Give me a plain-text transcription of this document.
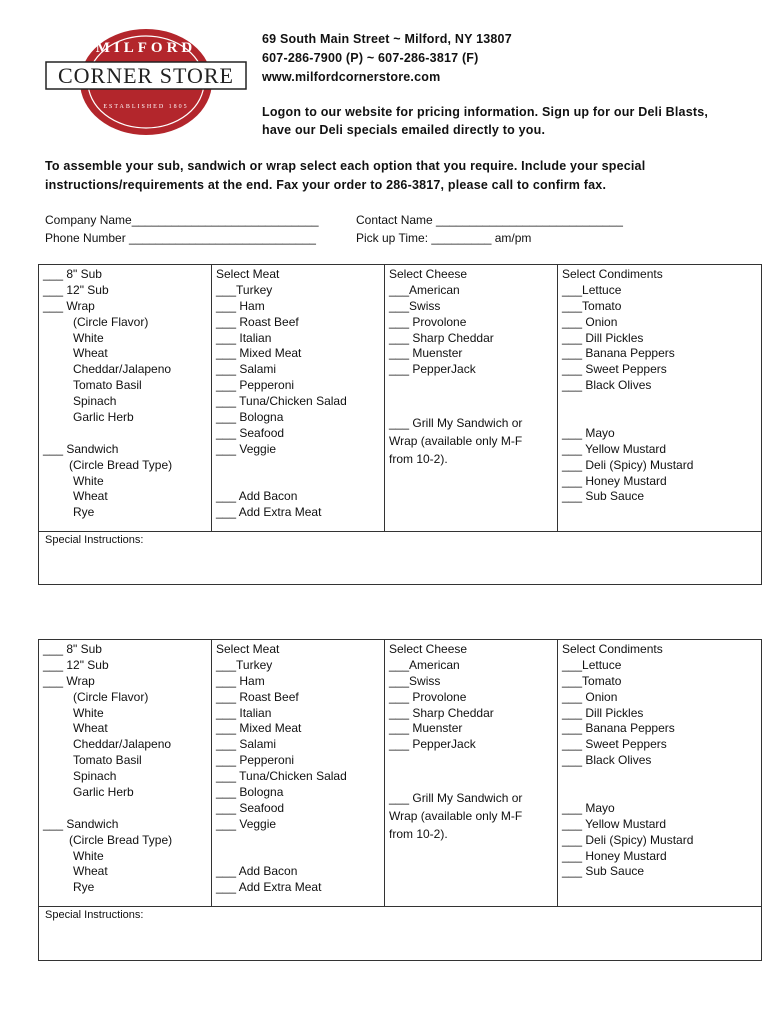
MILFORD
CORNER STORE
ESTABLISHED 1805
69 South Main Street ~ Milford, NY 13807
607-286-7900 (P) ~ 607-286-3817 (F)
www.milfordcornerstore.com
Logon to our website for pricing information. Sign up for our Deli Blasts,
have our Deli specials emailed directly to you.
To assemble your sub, sandwich or wrap select each option that you require. Include your special
instructions/requirements at the end. Fax your order to 286-3817, please call to confirm fax.
Company Name____________________________	Contact Name ____________________________
Phone Number ____________________________	Pick up Time: _________ am/pm
___ 8" Sub
___ 12" Sub
___ Wrap
(Circle Flavor)
White
Wheat
Cheddar/Jalapeno
Tomato Basil
Spinach
Garlic Herb
___ Sandwich
(Circle Bread Type)
White
Wheat
Rye
Select Meat
___Turkey
___ Ham
___ Roast Beef
___ Italian
___ Mixed Meat
___ Salami
___ Pepperoni
___ Tuna/Chicken Salad
___ Bologna
___ Seafood
___ Veggie
___ Add Bacon
___ Add Extra Meat
Select Cheese
___American
___Swiss
___ Provolone
___ Sharp Cheddar
___ Muenster
___ PepperJack
___ Grill My Sandwich or
Wrap (available only M-F
from 10-2).
Select Condiments
___Lettuce
___Tomato
___ Onion
___ Dill Pickles
___ Banana Peppers
___ Sweet Peppers
___ Black Olives
___ Mayo
___ Yellow Mustard
___ Deli (Spicy) Mustard
___ Honey Mustard
___ Sub Sauce
Special Instructions:
___ 8" Sub
___ 12" Sub
___ Wrap
(Circle Flavor)
White
Wheat
Cheddar/Jalapeno
Tomato Basil
Spinach
Garlic Herb
___ Sandwich
(Circle Bread Type)
White
Wheat
Rye
Select Meat
___Turkey
___ Ham
___ Roast Beef
___ Italian
___ Mixed Meat
___ Salami
___ Pepperoni
___ Tuna/Chicken Salad
___ Bologna
___ Seafood
___ Veggie
___ Add Bacon
___ Add Extra Meat
Select Cheese
___American
___Swiss
___ Provolone
___ Sharp Cheddar
___ Muenster
___ PepperJack
___ Grill My Sandwich or
Wrap (available only M-F
from 10-2).
Select Condiments
___Lettuce
___Tomato
___ Onion
___ Dill Pickles
___ Banana Peppers
___ Sweet Peppers
___ Black Olives
___ Mayo
___ Yellow Mustard
___ Deli (Spicy) Mustard
___ Honey Mustard
___ Sub Sauce
Special Instructions:
